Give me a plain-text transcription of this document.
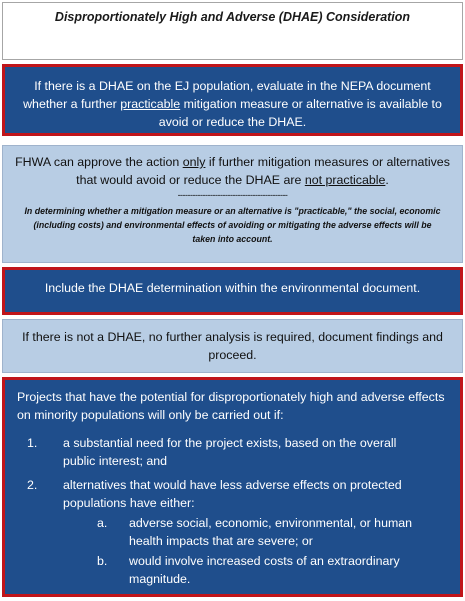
Disproportionately High and Adverse (DHAE) Consideration

If there is a DHAE on the EJ population, evaluate in the NEPA document whether a further practicable mitigation measure or alternative is available to avoid or reduce the DHAE.

FHWA can approve the action only if further mitigation measures or alternatives that would avoid or reduce the DHAE are not practicable.
--------------------------------------------
In determining whether a mitigation measure or an alternative is "practicable," the social, economic (including costs) and environmental effects of avoiding or mitigating the adverse effects will be taken into account.

Include the DHAE determination within the environmental document.

If there is not a DHAE, no further analysis is required, document findings and proceed.

Projects that have the potential for disproportionately high and adverse effects on minority populations will only be carried out if:
1.	a substantial need for the project exists, based on the overall public interest; and
2.	alternatives that would have less adverse effects on protected populations have either:
a.	adverse social, economic, environmental, or human health impacts that are severe; or
b.	would involve increased costs of an extraordinary magnitude.
